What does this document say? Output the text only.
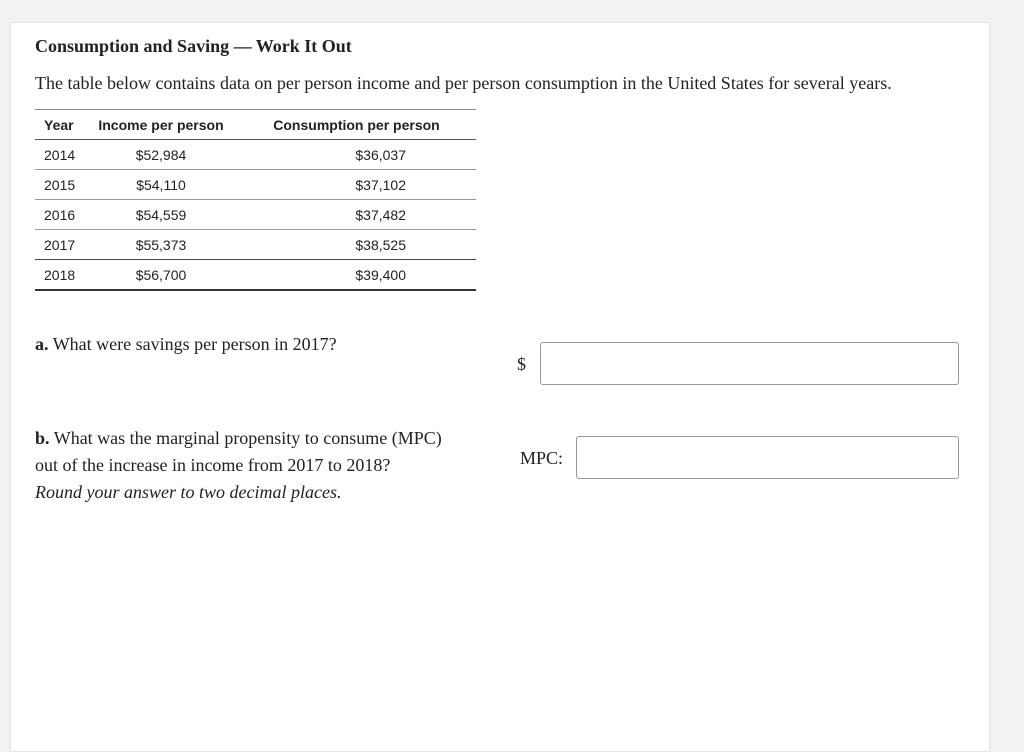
Consumption and Saving — Work It Out

The table below contains data on per person income and per person consumption in the United States for several years.

Year	Income per person	Consumption per person
2014	$52,984	$36,037
2015	$54,110	$37,102
2016	$54,559	$37,482
2017	$55,373	$38,525
2018	$56,700	$39,400

a. What were savings per person in 2017?

$

b. What was the marginal propensity to consume (MPC)
out of the increase in income from 2017 to 2018?
Round your answer to two decimal places.

MPC:
